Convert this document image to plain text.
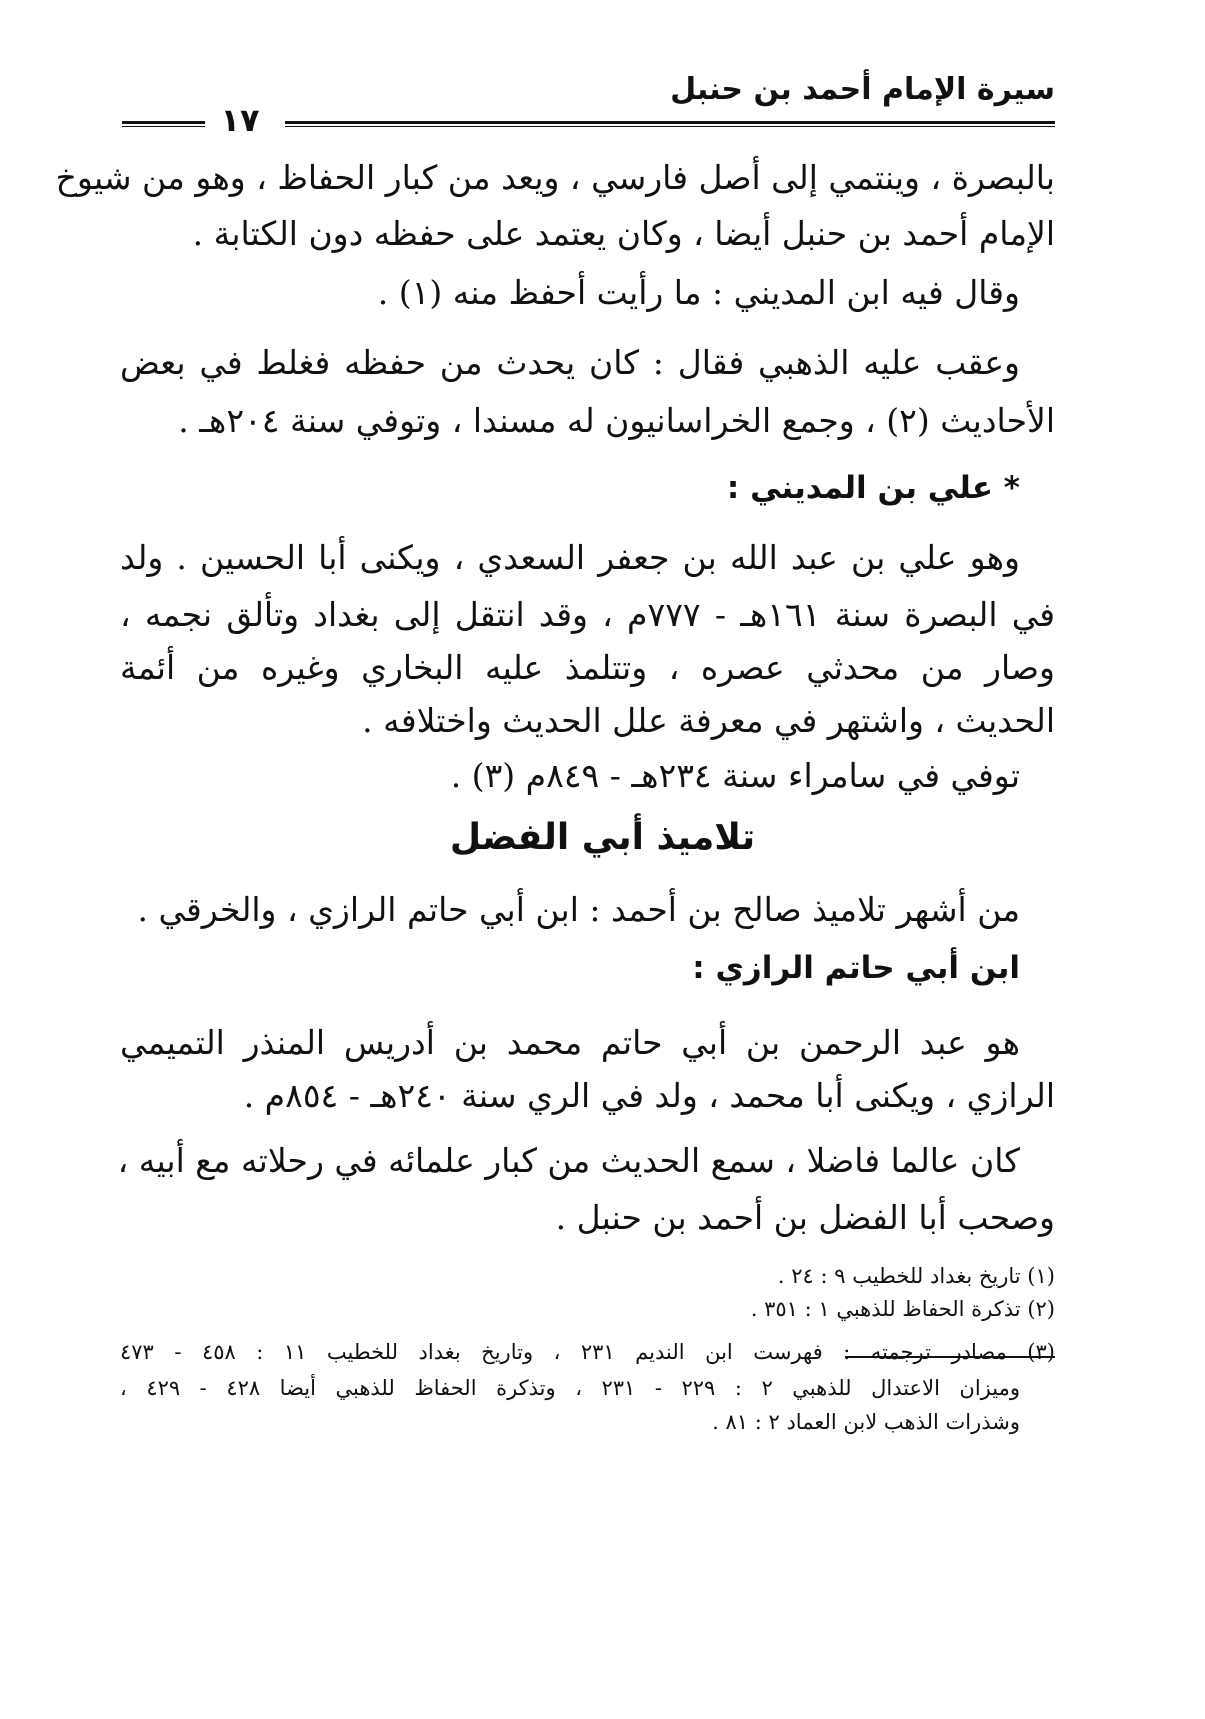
سيرة الإمام أحمد بن حنبل
١٧

بالبصرة ، وينتمي إلى أصل فارسي ، ويعد من كبار الحفاظ ، وهو من شيوخ

الإمام أحمد بن حنبل أيضا ، وكان يعتمد على حفظه دون الكتابة .

وقال فيه ابن المديني : ما رأيت أحفظ منه (١) .

وعقب عليه الذهبي فقال : كان يحدث من حفظه فغلط في بعض

الأحاديث (٢) ، وجمع الخراسانيون له مسندا ، وتوفي سنة ٢٠٤هـ .

* علي بن المديني :

وهو علي بن عبد الله بن جعفر السعدي ، ويكنى أبا الحسين . ولد

في البصرة سنة ١٦١هـ - ٧٧٧م ، وقد انتقل إلى بغداد وتألق نجمه ،

وصار من محدثي عصره ، وتتلمذ عليه البخاري وغيره من أئمة

الحديث ، واشتهر في معرفة علل الحديث واختلافه .

توفي في سامراء سنة ٢٣٤هـ - ٨٤٩م (٣) .

تلاميذ أبي الفضل

من أشهر تلاميذ صالح بن أحمد : ابن أبي حاتم الرازي ، والخرقي .

ابن أبي حاتم الرازي :

هو عبد الرحمن بن أبي حاتم محمد بن أدريس المنذر التميمي

الرازي ، ويكنى أبا محمد ، ولد في الري سنة ٢٤٠هـ - ٨٥٤م .

كان عالما فاضلا ، سمع الحديث من كبار علمائه في رحلاته مع أبيه ،

وصحب أبا الفضل بن أحمد بن حنبل .

(١) تاريخ بغداد للخطيب ٩ : ٢٤ .

(٢) تذكرة الحفاظ للذهبي ١ : ٣٥١ .

(٣) مصادر ترجمته : فهرست ابن النديم ٢٣١ ، وتاريخ بغداد للخطيب ١١ : ٤٥٨ - ٤٧٣

وميزان الاعتدال للذهبي ٢ : ٢٢٩ - ٢٣١ ، وتذكرة الحفاظ للذهبي أيضا ٤٢٨ - ٤٢٩ ،

وشذرات الذهب لابن العماد ٢ : ٨١ .
